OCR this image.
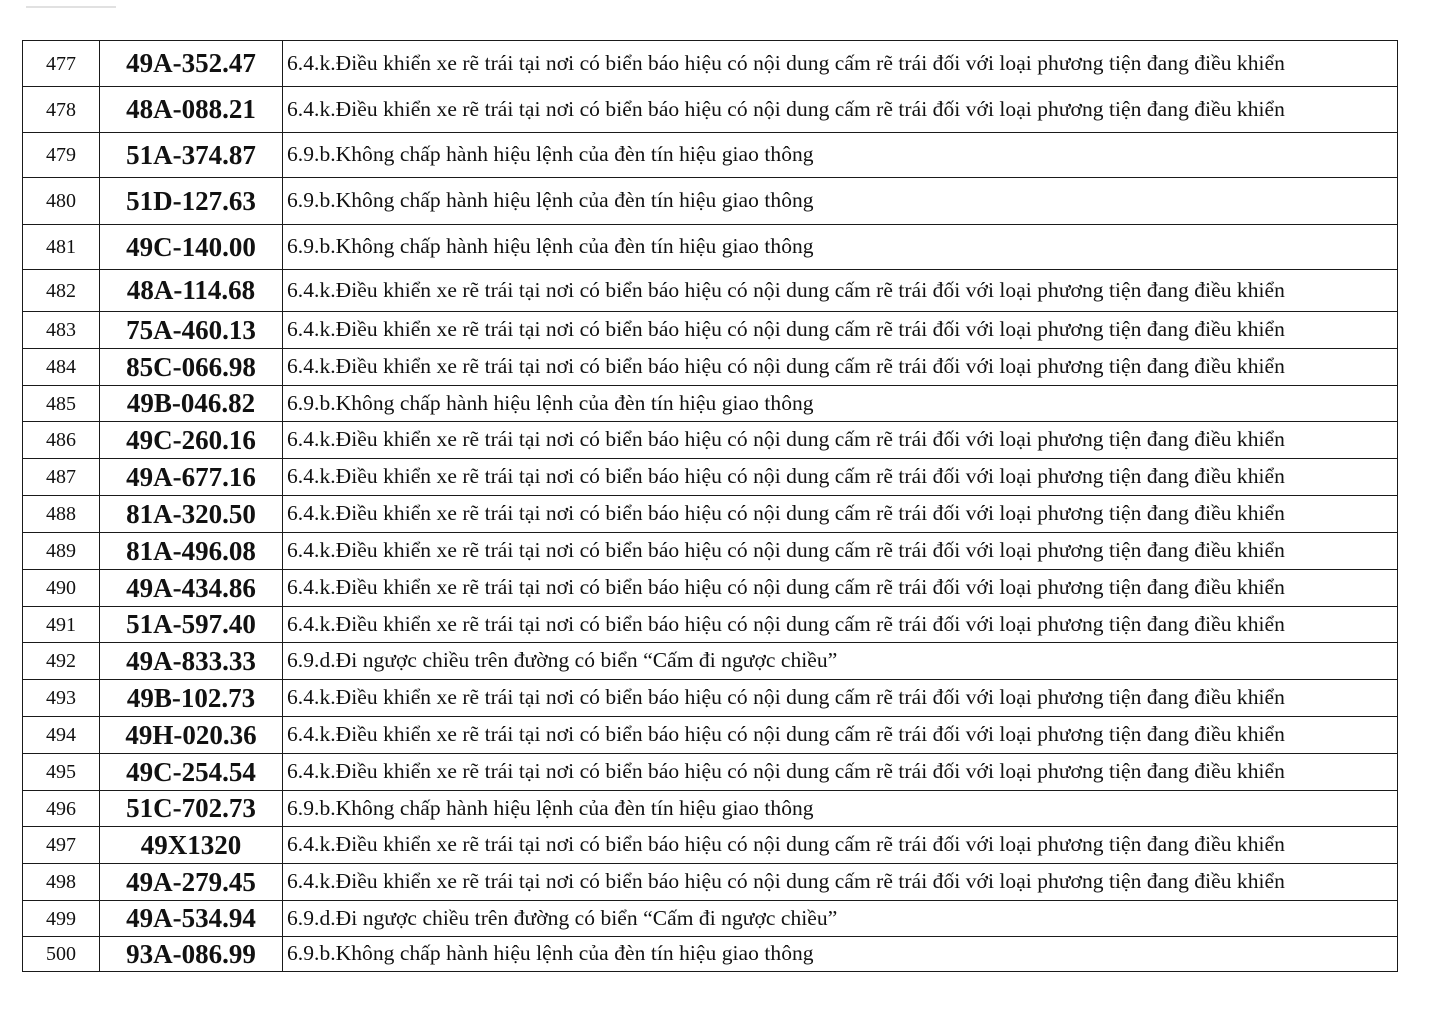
477	49A-352.47	6.4.k.Điều khiển xe rẽ trái tại nơi có biển báo hiệu có nội dung cấm rẽ trái đối với loại phương tiện đang điều khiển
478	48A-088.21	6.4.k.Điều khiển xe rẽ trái tại nơi có biển báo hiệu có nội dung cấm rẽ trái đối với loại phương tiện đang điều khiển
479	51A-374.87	6.9.b.Không chấp hành hiệu lệnh của đèn tín hiệu giao thông
480	51D-127.63	6.9.b.Không chấp hành hiệu lệnh của đèn tín hiệu giao thông
481	49C-140.00	6.9.b.Không chấp hành hiệu lệnh của đèn tín hiệu giao thông
482	48A-114.68	6.4.k.Điều khiển xe rẽ trái tại nơi có biển báo hiệu có nội dung cấm rẽ trái đối với loại phương tiện đang điều khiển
483	75A-460.13	6.4.k.Điều khiển xe rẽ trái tại nơi có biển báo hiệu có nội dung cấm rẽ trái đối với loại phương tiện đang điều khiển
484	85C-066.98	6.4.k.Điều khiển xe rẽ trái tại nơi có biển báo hiệu có nội dung cấm rẽ trái đối với loại phương tiện đang điều khiển
485	49B-046.82	6.9.b.Không chấp hành hiệu lệnh của đèn tín hiệu giao thông
486	49C-260.16	6.4.k.Điều khiển xe rẽ trái tại nơi có biển báo hiệu có nội dung cấm rẽ trái đối với loại phương tiện đang điều khiển
487	49A-677.16	6.4.k.Điều khiển xe rẽ trái tại nơi có biển báo hiệu có nội dung cấm rẽ trái đối với loại phương tiện đang điều khiển
488	81A-320.50	6.4.k.Điều khiển xe rẽ trái tại nơi có biển báo hiệu có nội dung cấm rẽ trái đối với loại phương tiện đang điều khiển
489	81A-496.08	6.4.k.Điều khiển xe rẽ trái tại nơi có biển báo hiệu có nội dung cấm rẽ trái đối với loại phương tiện đang điều khiển
490	49A-434.86	6.4.k.Điều khiển xe rẽ trái tại nơi có biển báo hiệu có nội dung cấm rẽ trái đối với loại phương tiện đang điều khiển
491	51A-597.40	6.4.k.Điều khiển xe rẽ trái tại nơi có biển báo hiệu có nội dung cấm rẽ trái đối với loại phương tiện đang điều khiển
492	49A-833.33	6.9.d.Đi ngược chiều trên đường có biển “Cấm đi ngược chiều”
493	49B-102.73	6.4.k.Điều khiển xe rẽ trái tại nơi có biển báo hiệu có nội dung cấm rẽ trái đối với loại phương tiện đang điều khiển
494	49H-020.36	6.4.k.Điều khiển xe rẽ trái tại nơi có biển báo hiệu có nội dung cấm rẽ trái đối với loại phương tiện đang điều khiển
495	49C-254.54	6.4.k.Điều khiển xe rẽ trái tại nơi có biển báo hiệu có nội dung cấm rẽ trái đối với loại phương tiện đang điều khiển
496	51C-702.73	6.9.b.Không chấp hành hiệu lệnh của đèn tín hiệu giao thông
497	49X1320	6.4.k.Điều khiển xe rẽ trái tại nơi có biển báo hiệu có nội dung cấm rẽ trái đối với loại phương tiện đang điều khiển
498	49A-279.45	6.4.k.Điều khiển xe rẽ trái tại nơi có biển báo hiệu có nội dung cấm rẽ trái đối với loại phương tiện đang điều khiển
499	49A-534.94	6.9.d.Đi ngược chiều trên đường có biển “Cấm đi ngược chiều”
500	93A-086.99	6.9.b.Không chấp hành hiệu lệnh của đèn tín hiệu giao thông
